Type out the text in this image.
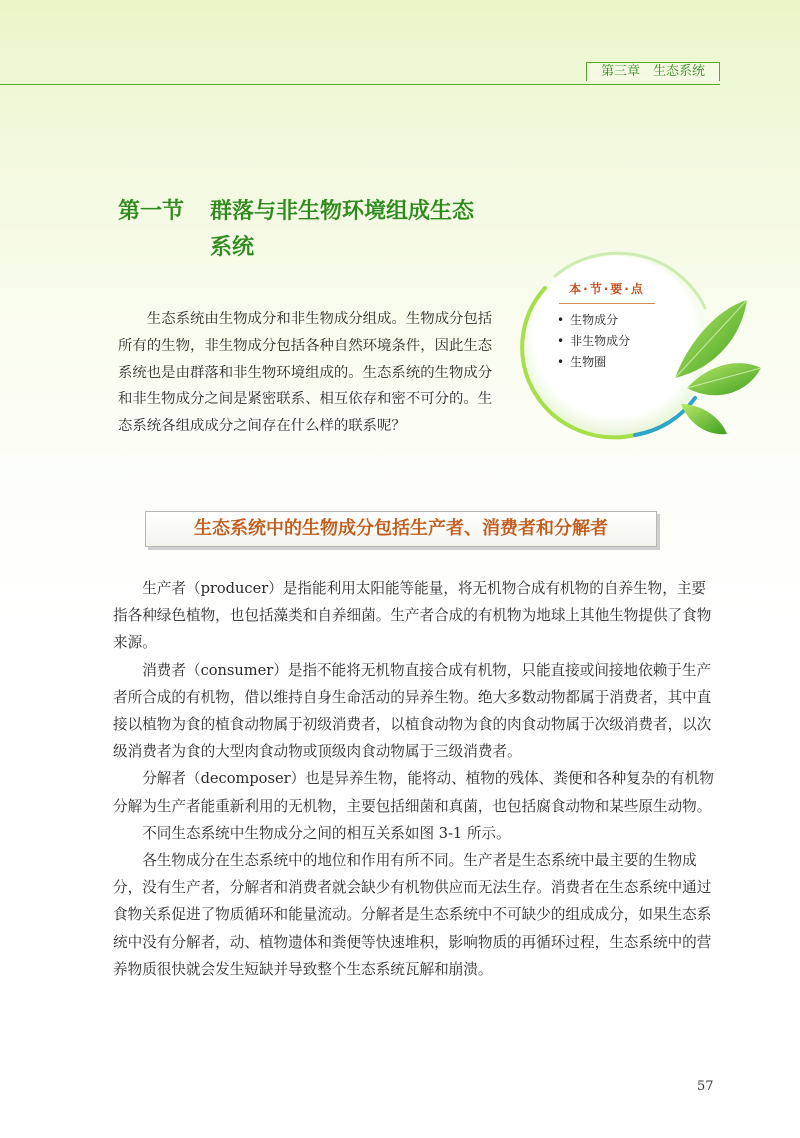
第三章　生态系统
第一节 群落与非生物环境组成生态
系统
本·节·要·点
• 生物成分
• 非生物成分
• 生物圈

生态系统由生物成分和非生物成分组成。生物成分包括所有的生物，非生物成分包括各种自然环境条件，因此生态系统也是由群落和非生物环境组成的。生态系统的生物成分和非生物成分之间是紧密联系、相互依存和密不可分的。生态系统各组成成分之间存在什么样的联系呢？

生态系统中的生物成分包括生产者、消费者和分解者

生产者（producer）是指能利用太阳能等能量，将无机物合成有机物的自养生物，主要指各种绿色植物，也包括藻类和自养细菌。生产者合成的有机物为地球上其他生物提供了食物来源。

消费者（consumer）是指不能将无机物直接合成有机物，只能直接或间接地依赖于生产者所合成的有机物，借以维持自身生命活动的异养生物。绝大多数动物都属于消费者，其中直接以植物为食的植食动物属于初级消费者，以植食动物为食的肉食动物属于次级消费者，以次级消费者为食的大型肉食动物或顶级肉食动物属于三级消费者。

分解者（decomposer）也是异养生物，能将动、植物的残体、粪便和各种复杂的有机物分解为生产者能重新利用的无机物，主要包括细菌和真菌，也包括腐食动物和某些原生动物。

不同生态系统中生物成分之间的相互关系如图 3-1 所示。

各生物成分在生态系统中的地位和作用有所不同。生产者是生态系统中最主要的生物成分，没有生产者，分解者和消费者就会缺少有机物供应而无法生存。消费者在生态系统中通过食物关系促进了物质循环和能量流动。分解者是生态系统中不可缺少的组成成分，如果生态系统中没有分解者，动、植物遗体和粪便等快速堆积，影响物质的再循环过程，生态系统中的营养物质很快就会发生短缺并导致整个生态系统瓦解和崩溃。

57
